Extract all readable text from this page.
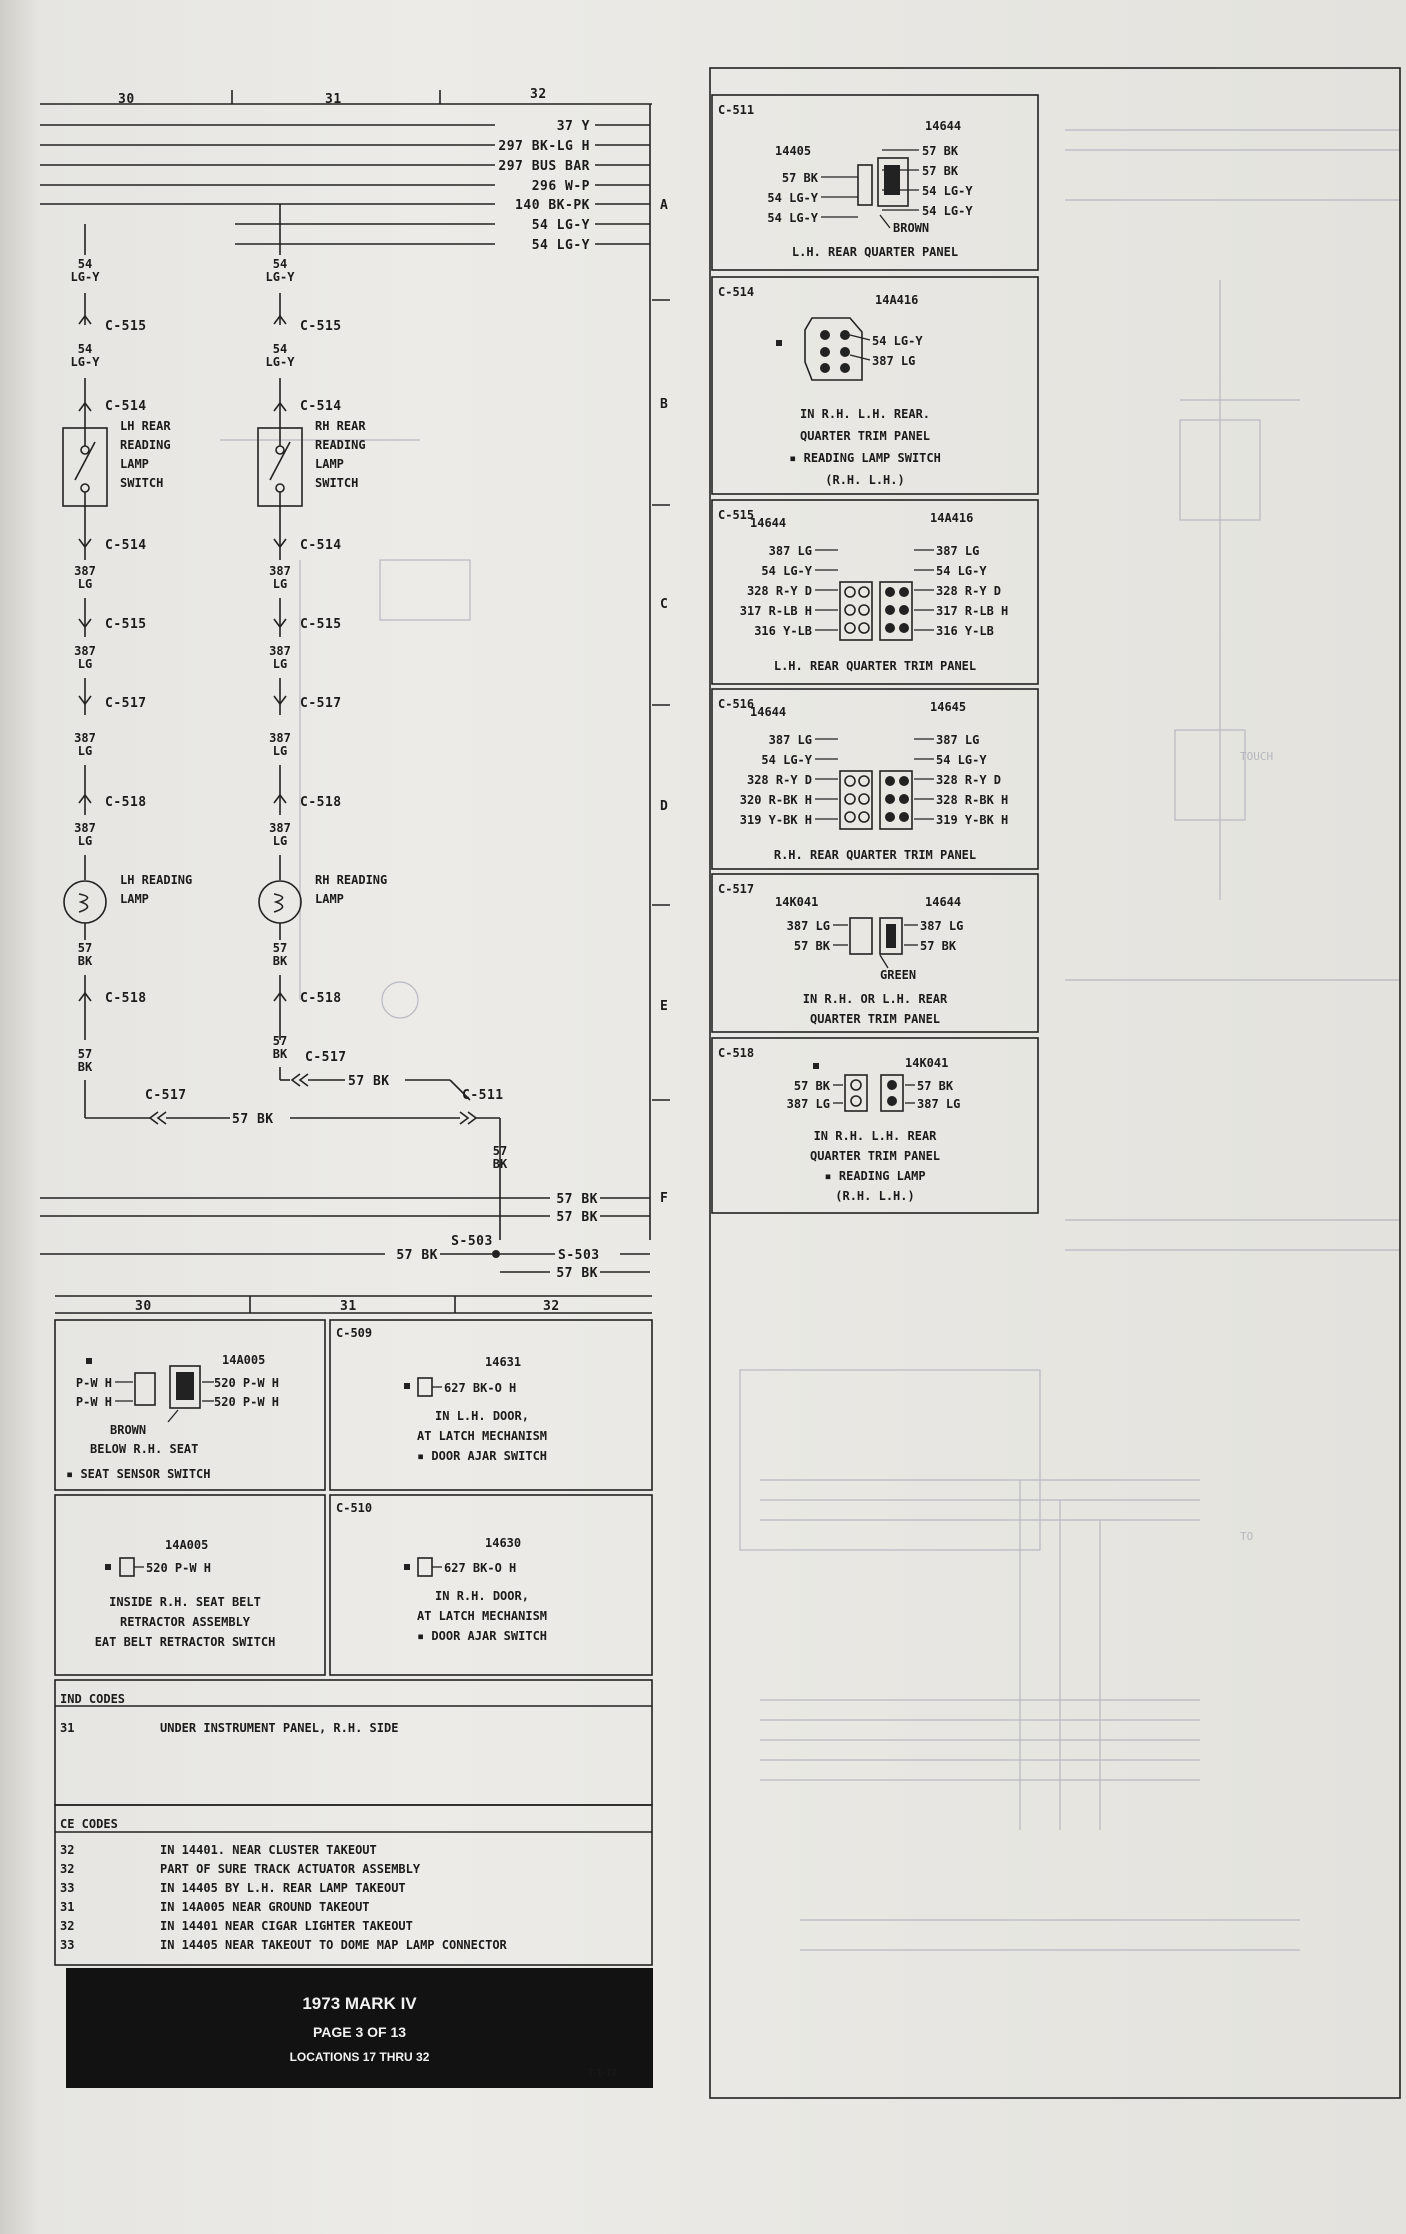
TOUCH
TO
30	31	32
37 Y
297 BK-LG H
297 BUS BAR
296 W-P
140 BK-PK
54 LG-Y
54 LG-Y
A
B
C
D
E
F
54
LG-Y
C-515
54
LG-Y
C-514
LH REAR
READING
LAMP
SWITCH
C-514
387
LG
C-515
387
LG
C-517
387
LG
C-518
387
LG
LH READING
LAMP
57
BK
C-518
54
LG-Y
C-515
54
LG-Y
C-514
RH REAR
READING
LAMP
SWITCH
C-514
387
LG
C-515
387
LG
C-517
387
LG
C-518
387
LG
RH READING
LAMP
57
BK
C-518
57
BK
C-517
57 BK
C-511
57
BK
57
BK C-517
57 BK
57 BK
57 BK
57 BK
S-503
S-503
57 BK
C-511
14405
14644
57 BK
54 LG-Y
54 LG-Y
57 BK
57 BK
54 LG-Y
54 LG-Y
BROWN
L.H. REAR QUARTER PANEL
C-514
14A416
54 LG-Y
387 LG
IN R.H. L.H. REAR.
QUARTER TRIM PANEL
▪ READING LAMP SWITCH
(R.H. L.H.)
C-515
14644	14A416
387 LG	387 LG
54 LG-Y	54 LG-Y
328 R-Y D	328 R-Y D
317 R-LB H	317 R-LB H
316 Y-LB	316 Y-LB
L.H. REAR QUARTER TRIM PANEL
C-516
14644	14645
387 LG	387 LG
54 LG-Y	54 LG-Y
328 R-Y D	328 R-Y D
320 R-BK H	328 R-BK H
319 Y-BK H	319 Y-BK H
R.H. REAR QUARTER TRIM PANEL
C-517
14K041	14644
387 LG	387 LG
57 BK	57 BK
GREEN
IN R.H. OR L.H. REAR
QUARTER TRIM PANEL
C-518
14K041
57 BK	57 BK
387 LG	387 LG
IN R.H. L.H. REAR
QUARTER TRIM PANEL
▪ READING LAMP
(R.H. L.H.)
30	31	32
14A005
P-W H	520 P-W H
P-W H	520 P-W H
BROWN
BELOW R.H. SEAT
▪ SEAT SENSOR SWITCH
C-509
14631
627 BK-O H
IN L.H. DOOR,
AT LATCH MECHANISM
▪ DOOR AJAR SWITCH
14A005
520 P-W H
INSIDE R.H. SEAT BELT
RETRACTOR ASSEMBLY
EAT BELT RETRACTOR SWITCH
C-510
14630
627 BK-O H
IN R.H. DOOR,
AT LATCH MECHANISM
▪ DOOR AJAR SWITCH
IND CODES
31	UNDER INSTRUMENT PANEL, R.H. SIDE
CE CODES
32	IN 14401. NEAR CLUSTER TAKEOUT
32	PART OF SURE TRACK ACTUATOR ASSEMBLY
33	IN 14405 BY L.H. REAR LAMP TAKEOUT
31	IN 14A005 NEAR GROUND TAKEOUT
32	IN 14401 NEAR CIGAR LIGHTER TAKEOUT
33	IN 14405 NEAR TAKEOUT TO DOME MAP LAMP CONNECTOR
1973 MARK IV
PAGE 3 OF 13
LOCATIONS 17 THRU 32
7-1-72
